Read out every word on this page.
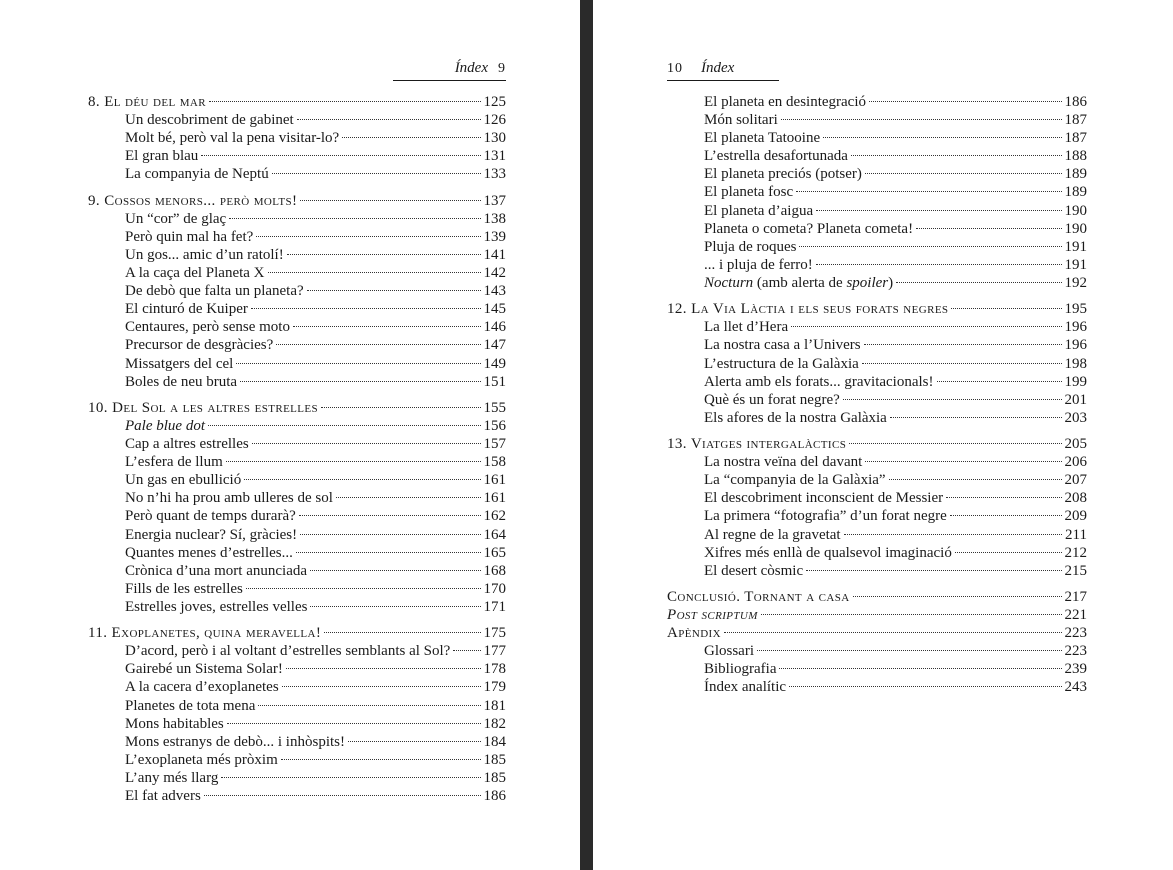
Índex 9
8. El déu del mar	125
Un descobriment de gabinet	126
Molt bé, però val la pena visitar-lo?	130
El gran blau	131
La companyia de Neptú	133
9. Cossos menors... però molts!	137
Un “cor” de glaç	138
Però quin mal ha fet?	139
Un gos... amic d’un ratolí!	141
A la caça del Planeta X	142
De debò que falta un planeta?	143
El cinturó de Kuiper	145
Centaures, però sense moto	146
Precursor de desgràcies?	147
Missatgers del cel	149
Boles de neu bruta	151
10. Del Sol a les altres estrelles	155
Pale blue dot	156
Cap a altres estrelles	157
L’esfera de llum	158
Un gas en ebullició	161
No n’hi ha prou amb ulleres de sol	161
Però quant de temps durarà?	162
Energia nuclear? Sí, gràcies!	164
Quantes menes d’estrelles...	165
Crònica d’una mort anunciada	168
Fills de les estrelles	170
Estrelles joves, estrelles velles	171
11. Exoplanetes, quina meravella!	175
D’acord, però i al voltant d’estrelles semblants al Sol? 177
Gairebé un Sistema Solar!	178
A la cacera d’exoplanetes	179
Planetes de tota mena	181
Mons habitables	182
Mons estranys de debò... i inhòspits!	184
L’exoplaneta més pròxim	185
L’any més llarg	185
El fat advers	186
10 Índex
El planeta en desintegració	186
Món solitari	187
El planeta Tatooine	187
L’estrella desafortunada	188
El planeta preciós (potser)	189
El planeta fosc	189
El planeta d’aigua	190
Planeta o cometa? Planeta cometa!	190
Pluja de roques	191
... i pluja de ferro!	191
Nocturn (amb alerta de spoiler)	192
12. La Via Làctia i els seus forats negres	195
La llet d’Hera	196
La nostra casa a l’Univers	196
L’estructura de la Galàxia	198
Alerta amb els forats... gravitacionals!	199
Què és un forat negre?	201
Els afores de la nostra Galàxia	203
13. Viatges intergalàctics	205
La nostra veïna del davant	206
La “companyia de la Galàxia”	207
El descobriment inconscient de Messier	208
La primera “fotografia” d’un forat negre	209
Al regne de la gravetat	211
Xifres més enllà de qualsevol imaginació	212
El desert còsmic	215
Conclusió. Tornant a casa	217
Post scriptum	221
Apèndix	223
Glossari	223
Bibliografia	239
Índex analític	243
